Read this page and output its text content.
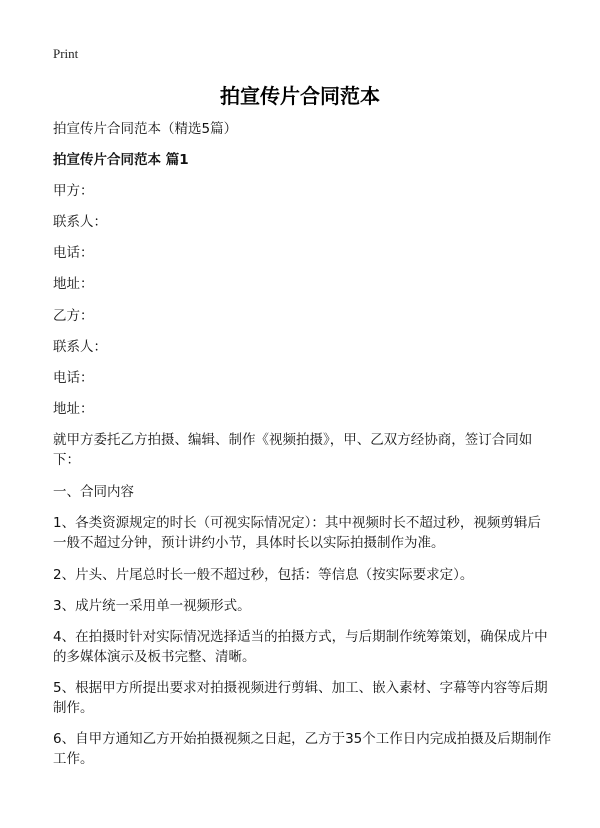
Print
拍宣传片合同范本
拍宣传片合同范本（精选5篇）
拍宣传片合同范本 篇1
甲方：
联系人：
电话：
地址：
乙方：
联系人：
电话：
地址：
就甲方委托乙方拍摄、编辑、制作《视频拍摄》，甲、乙双方经协商，签订合同如下：
一、合同内容
1、各类资源规定的时长（可视实际情况定）：其中视频时长不超过秒，视频剪辑后一般不超过分钟，预计讲约小节，具体时长以实际拍摄制作为准。
2、片头、片尾总时长一般不超过秒，包括：等信息（按实际要求定）。
3、成片统一采用单一视频形式。
4、在拍摄时针对实际情况选择适当的拍摄方式，与后期制作统筹策划，确保成片中的多媒体演示及板书完整、清晰。
5、根据甲方所提出要求对拍摄视频进行剪辑、加工、嵌入素材、字幕等内容等后期制作。
6、自甲方通知乙方开始拍摄视频之日起，乙方于35个工作日内完成拍摄及后期制作工作。
